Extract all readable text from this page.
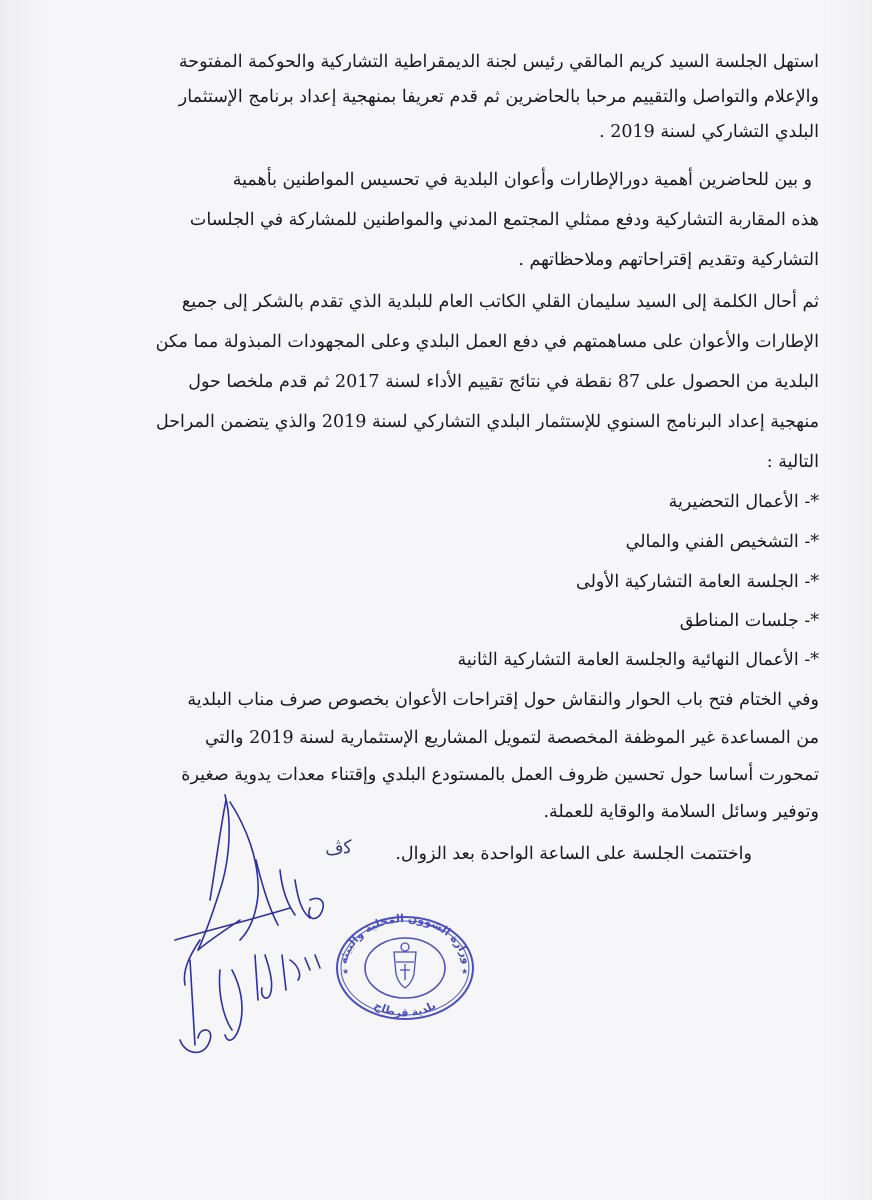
استهل الجلسة السيد كريم المالقي رئيس لجنة الديمقراطية التشاركية والحوكمة المفتوحة
والإعلام والتواصل والتقييم مرحبا بالحاضرين ثم قدم تعريفا بمنهجية إعداد برنامج الإستثمار
البلدي التشاركي لسنة 2019 .
و بين للحاضرين أهمية دورالإطارات وأعوان البلدية في تحسيس المواطنين بأهمية
هذه المقاربة التشاركية ودفع ممثلي المجتمع المدني والمواطنين للمشاركة في الجلسات
التشاركية وتقديم إقتراحاتهم وملاحظاتهم .
ثم أحال الكلمة إلى السيد سليمان القلي الكاتب العام للبلدية الذي تقدم بالشكر إلى جميع
الإطارات والأعوان على مساهمتهم في دفع العمل البلدي وعلى المجهودات المبذولة مما مكن
البلدية من الحصول على 87 نقطة في نتائج تقييم الأداء لسنة 2017 ثم قدم ملخصا حول
منهجية إعداد البرنامج السنوي للإستثمار البلدي التشاركي لسنة 2019 والذي يتضمن المراحل
التالية :
*- الأعمال التحضيرية
*- التشخيص الفني والمالي
*- الجلسة العامة التشاركية الأولى
*- جلسات المناطق
*- الأعمال النهائية والجلسة العامة التشاركية الثانية
وفي الختام فتح باب الحوار والنقاش حول إقتراحات الأعوان بخصوص صرف مناب البلدية
من المساعدة غير الموظفة المخصصة لتمويل المشاريع الإستثمارية لسنة 2019 والتي
تمحورت أساسا حول تحسين ظروف العمل بالمستودع البلدي وإقتناء معدات يدوية صغيرة
وتوفير وسائل السلامة والوقاية للعملة.
واختتمت الجلسة على الساعة الواحدة بعد الزوال.
ﻛﭪ
وزارة الشؤون المحلية والبيئة
بلدية قرطاج
★	★
